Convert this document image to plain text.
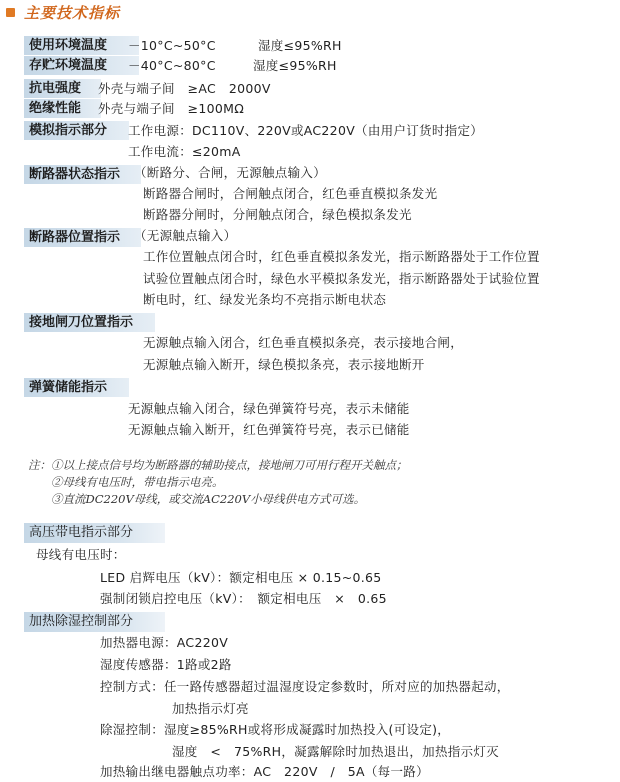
主要技术指标
使用环境温度	－10°C~50°C	湿度≤95%RH
存贮环境温度	－40°C~80°C	湿度≤95%RH
抗电强度	外壳与端子间　≥AC　2000V
绝缘性能	外壳与端子间　≥100MΩ
模拟指示部分	工作电源：DC110V、220V或AC220V（由用户订货时指定）
工作电流：≤20mA
断路器状态指示	（断路分、合闸，无源触点输入）
断路器合闸时，合闸触点闭合，红色垂直模拟条发光
断路器分闸时，分闸触点闭合，绿色模拟条发光
断路器位置指示	（无源触点输入）
工作位置触点闭合时，红色垂直模拟条发光，指示断路器处于工作位置
试验位置触点闭合时，绿色水平模拟条发光，指示断路器处于试验位置
断电时，红、绿发光条均不亮指示断电状态
接地闸刀位置指示
无源触点输入闭合，红色垂直模拟条亮，表示接地合闸，
无源触点输入断开，绿色模拟条亮，表示接地断开
弹簧储能指示
无源触点输入闭合，绿色弹簧符号亮，表示未储能
无源触点输入断开，红色弹簧符号亮，表示已储能
注：①以上接点信号均为断路器的辅助接点，接地闸刀可用行程开关触点；
②母线有电压时，带电指示电亮。
③直流DC220V母线，或交流AC220V小母线供电方式可选。
高压带电指示部分
母线有电压时：
LED 启辉电压（kV）：额定相电压 × 0.15~0.65
强制闭锁启控电压（kV）：　额定相电压　×　0.65
加热除湿控制部分
加热器电源：AC220V
湿度传感器：1路或2路
控制方式：任一路传感器超过温湿度设定参数时，所对应的加热器起动，
加热指示灯亮
除湿控制：湿度≥85%RH或将形成凝露时加热投入(可设定)，
湿度　<　75%RH，凝露解除时加热退出，加热指示灯灭
加热输出继电器触点功率：AC　220V　/　5A（每一路）
